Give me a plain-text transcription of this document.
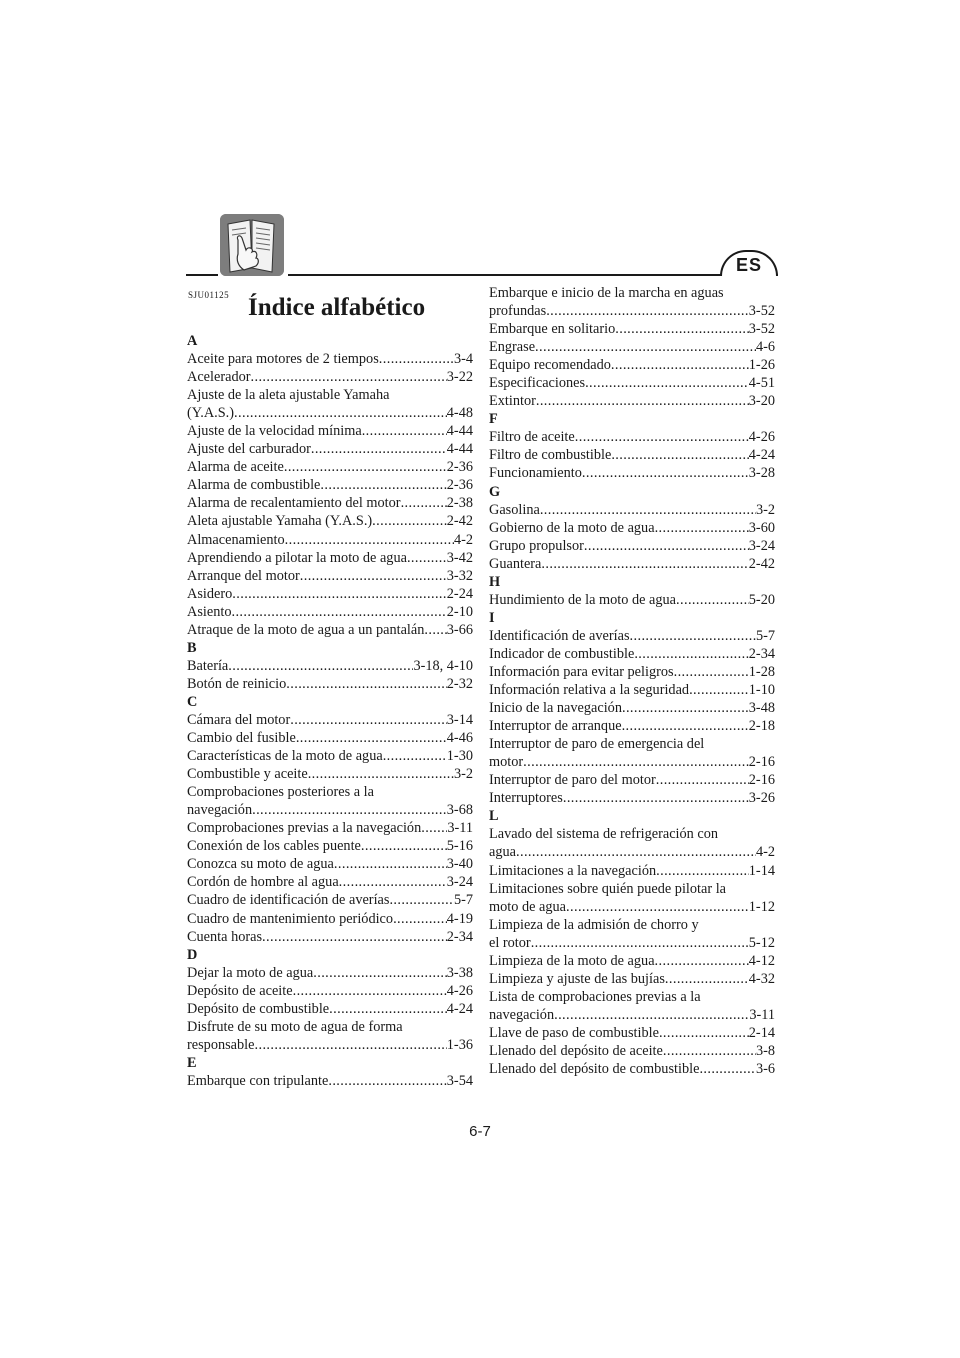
ES
SJU01125 Índice alfabético
A
Aceite para motores de 2 tiempos .....	3-4
Acelerador .....	3-22
Ajuste de la aleta ajustable Yamaha
(Y.A.S.) .....	4-48
Ajuste de la velocidad mínima .....	4-44
Ajuste del carburador .....	4-44
Alarma de aceite .....	2-36
Alarma de combustible .....	2-36
Alarma de recalentamiento del motor .....	2-38
Aleta ajustable Yamaha (Y.A.S.) .....	2-42
Almacenamiento .....	4-2
Aprendiendo a pilotar la moto de agua .....	3-42
Arranque del motor .....	3-32
Asidero .....	2-24
Asiento .....	2-10
Atraque de la moto de agua a un pantalán ..... 3-66
B
Batería .....	3-18, 4-10
Botón de reinicio .....	2-32
C
Cámara del motor .....	3-14
Cambio del fusible .....	4-46
Características de la moto de agua .....	1-30
Combustible y aceite .....	3-2
Comprobaciones posteriores a la
navegación .....	3-68
Comprobaciones previas a la navegación ..... 3-11
Conexión de los cables puente .....	5-16
Conozca su moto de agua .....	3-40
Cordón de hombre al agua .....	3-24
Cuadro de identificación de averías .....	5-7
Cuadro de mantenimiento periódico .....	4-19
Cuenta horas .....	2-34
D
Dejar la moto de agua .....	3-38
Depósito de aceite .....	4-26
Depósito de combustible .....	4-24
Disfrute de su moto de agua de forma
responsable .....	1-36
E
Embarque con tripulante .....	3-54
Embarque e inicio de la marcha en aguas
profundas .....	3-52
Embarque en solitario .....	3-52
Engrase .....	4-6
Equipo recomendado .....	1-26
Especificaciones .....	4-51
Extintor .....	3-20
F
Filtro de aceite .....	4-26
Filtro de combustible .....	4-24
Funcionamiento .....	3-28
G
Gasolina .....	3-2
Gobierno de la moto de agua .....	3-60
Grupo propulsor .....	3-24
Guantera .....	2-42
H
Hundimiento de la moto de agua .....	5-20
I
Identificación de averías .....	5-7
Indicador de combustible .....	2-34
Información para evitar peligros .....	1-28
Información relativa a la seguridad .....	1-10
Inicio de la navegación .....	3-48
Interruptor de arranque .....	2-18
Interruptor de paro de emergencia del
motor .....	2-16
Interruptor de paro del motor .....	2-16
Interruptores .....	3-26
L
Lavado del sistema de refrigeración con
agua .....	4-2
Limitaciones a la navegación .....	1-14
Limitaciones sobre quién puede pilotar la
moto de agua .....	1-12
Limpieza de la admisión de chorro y
el rotor .....	5-12
Limpieza de la moto de agua .....	4-12
Limpieza y ajuste de las bujías .....	4-32
Lista de comprobaciones previas a la
navegación .....	3-11
Llave de paso de combustible .....	2-14
Llenado del depósito de aceite .....	3-8
Llenado del depósito de combustible .....	3-6
6-7
